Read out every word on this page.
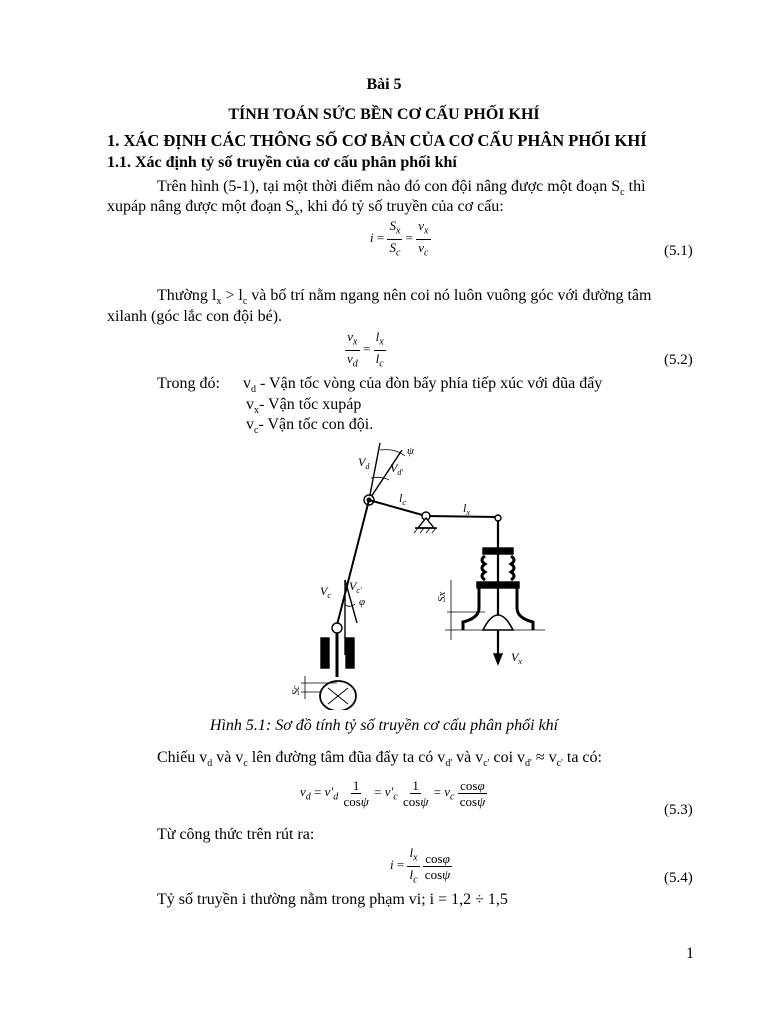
Bài 5
TÍNH TOÁN SỨC BỀN CƠ CẤU PHỐI KHÍ
1. XÁC ĐỊNH CÁC THÔNG SỐ CƠ BẢN CỦA CƠ CẤU PHÂN PHỐI KHÍ
1.1. Xác định tỷ số truyền của cơ cấu phân phối khí
Trên hình (5-1), tại một thời điểm nào đó con đội nâng được một đoạn $S_c$ thì
xupáp nâng được một đoạn $S_x$, khi đó tỷ số truyền của cơ cấu:
$i = \frac{S_x}{S_c} = \frac{v_x}{v_c}$	(5.1)
Thường $l_x > l_c$ và bố trí nằm ngang nên coi nó luôn vuông góc với đường tâm
xilanh (góc lắc con đội bé).
$\frac{v_x}{v_d} = \frac{l_x}{l_c}$	(5.2)
Trong đó: $v_d$ - Vận tốc vòng của đòn bẩy phía tiếp xúc với đũa đẩy
$v_x-$ Vận tốc xupáp
$v_c-$ Vận tốc con đội.
$V_d$ $V_{d'}$
ψ
$l_c$	$l_x$
$V_c$
$V_{c'}$
φ	Sx
$V_x$
Sc
Hình 5.1: Sơ đồ tính tỷ số truyền cơ cấu phân phối khí
Chiếu $v_d$ và $v_c$ lên đường tâm đũa đẩy ta có $v_{d'}$ và $v_{c'}$ coi $v_{d'} \approx v_{c'}$ ta có:
$v_d = v'_d \frac{1}{\cos\psi} = v'_c \frac{1}{\cos\psi} = v_c \frac{\cos\varphi}{\cos\psi}$
(5.3)
Từ công thức trên rút ra:
$i = \frac{l_x}{l_c}$
$\frac{\cos\varphi}{\cos\psi}$	(5.4)
Tỷ số truyền i thường nằm trong phạm vi; i = 1,2 ÷ 1,5
1
